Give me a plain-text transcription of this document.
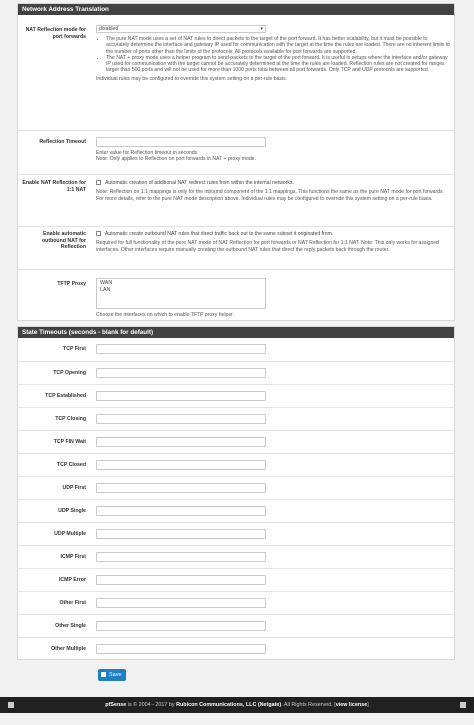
Network Address Translation
NAT Reflection mode for port forwards
disabled	▾
• The pure NAT mode uses a set of NAT rules to direct packets to the target of the port forward. It has better scalability, but it must be possible to accurately determine the interface and gateway IP used for communication with the target at the time the rules are loaded. There are no inherent limits to the number of ports other than the limits of the protocols. All protocols available for port forwards are supported.
• The NAT + proxy mode uses a helper program to send packets to the target of the port forward. It is useful in setups where the interface and/or gateway IP used for communication with the target cannot be accurately determined at the time the rules are loaded. Reflection rules are not created for ranges larger than 500 ports and will not be used for more than 1000 ports total between all port forwards. Only TCP and UDP protocols are supported.
Individual rules may be configured to override this system setting on a per-rule basis.
Reflection Timeout
Enter value for Reflection timeout in seconds.
Note: Only applies to Reflection on port forwards in NAT + proxy mode.
Enable NAT Reflection for 1:1 NAT
Automatic creation of additional NAT redirect rules from within the internal networks.
Note: Reflection on 1:1 mappings is only for the inbound component of the 1:1 mappings. This functions the same as the pure NAT mode for port forwards. For more details, refer to the pure NAT mode description above. Individual rules may be configured to override this system setting on a per-rule basis.
Enable automatic outbound NAT for Reflection
Automatic create outbound NAT rules that direct traffic back out to the same subnet it originated from.
Required for full functionality of the pure NAT mode of NAT Reflection for port forwards or NAT Reflection for 1:1 NAT. Note: This only works for assigned interfaces. Other interfaces require manually creating the outbound NAT rules that direct the reply packets back through the router.
TFTP Proxy	WAN
LAN
Choose the interfaces on which to enable TFTP proxy helper.
State Timeouts (seconds - blank for default)
TCP First
TCP Opening
TCP Established
TCP Closing
TCP FIN Wait
TCP Closed
UDP First
UDP Single
UDP Multiple
ICMP First
ICMP Error
Other First
Other Single
Other Multiple
Save
pfSense is © 2004 - 2017 by Rubicon Communications, LLC (Netgate). All Rights Reserved. [view license]
